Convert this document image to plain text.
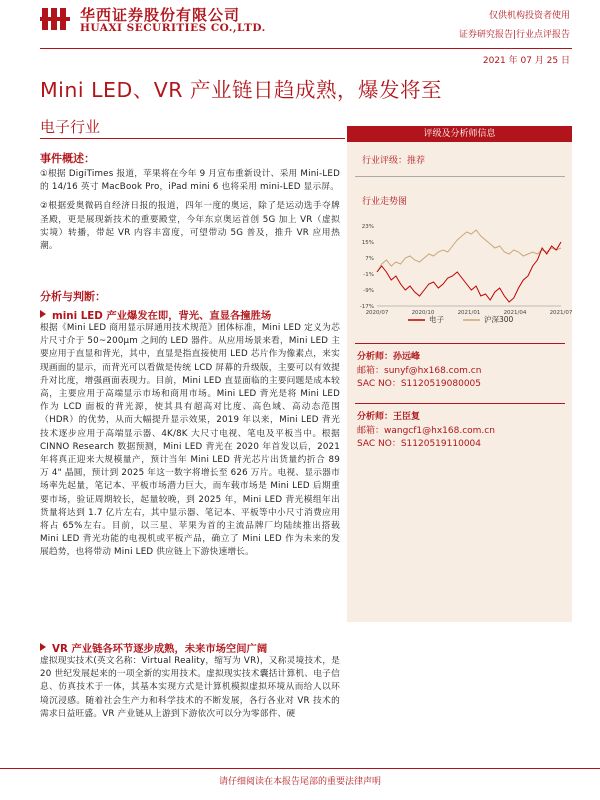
华西证券股份有限公司
HUAXI SECURITIES CO.,LTD.
仅供机构投资者使用
证券研究报告|行业点评报告
2021 年 07 月 25 日
Mini LED、VR 产业链日趋成熟，爆发将至
电子行业	评级及分析师信息
行业评级：推荐
行业走势图
23%
15%
7%
-1%
-9%
-17%
2020/07	2020/10	2021/01	2021/04	2021/07
电子	沪深300
分析师：孙远峰
邮箱：sunyf@hx168.com.cn
SAC NO：S1120519080005
分析师：王臣复
邮箱：wangcf1@hx168.com.cn
SAC NO：S1120519110004
事件概述：

①根据 DigiTimes 报道，苹果将在今年 9 月宣布重新设计、采用 Mini-LED的 14/16 英寸 MacBook Pro，iPad mini 6 也将采用 mini-LED 显示屏。

②根据爱奥微码自经济日报的报道，四年一度的奥运，除了是运动选手夺牌圣殿，更是展现新技术的重要殿堂，今年东京奥运首创 5G 加上 VR（虚拟实境）转播，带起 VR 内容丰富度，可望带动 5G 普及，推升 VR 应用热潮。

分析与判断：
mini LED 产业爆发在即，背光、直显各撞胜场

根据《Mini LED 商用显示屏通用技术规范》团体标准，Mini LED 定义为芯片尺寸介于 50~200μm 之间的 LED 器件。从应用场景来看，Mini LED 主要应用于直显和背光，其中，直显是指直接使用 LED 芯片作为像素点，来实现画面的显示，而背光可以看做是传统 LCD 屏幕的升级版，主要可以有效提升对比度，增强画面表现力。目前，Mini LED 直显面临的主要问题是成本较高，主要应用于高端显示市场和商用市场。Mini LED 背光是将 Mini LED 作为 LCD 面板的背光源，使其具有超高对比度、高色域、高动态范围（HDR）的优势，从而大幅提升显示效果，2019 年以来，Mini LED 背光技术逐步应用于高端显示器、4K/8K 大尺寸电视、笔电及平板当中。根据 CINNO Research 数据预测，Mini LED 背光在 2020 年首发以后，2021 年将真正迎来大规模量产，预计当年 Mini LED 背光芯片出货量约折合 89 万 4" 晶圆，预计到 2025 年这一数字将增长至 626 万片。电视、显示器市场率先起量，笔记本、平板市场潜力巨大，而车载市场是 Mini LED 后期重要市场，验证周期较长，起量较晚，到 2025 年，Mini LED 背光模组年出货量将达到 1.7 亿片左右，其中显示器、笔记本、平板等中小尺寸消费应用将占 65%左右。目前，以三星、苹果为首的主流品牌厂均陆续推出搭载 Mini LED 背光功能的电视机或平板产品，确立了 Mini LED 作为未来的发展趋势，也将带动 Mini LED 供应链上下游快速增长。

VR 产业链各环节逐步成熟，未来市场空间广阔

虚拟现实技术(英文名称：Virtual Reality，缩写为 VR)，又称灵境技术，是 20 世纪发展起来的一项全新的实用技术。虚拟现实技术囊括计算机、电子信息、仿真技术于一体，其基本实现方式是计算机模拟虚拟环境从而给人以环境沉浸感。随着社会生产力和科学技术的不断发展，各行各业对 VR 技术的需求日益旺盛。VR 产业链从上游到下游依次可以分为零部件、硬

请仔细阅读在本报告尾部的重要法律声明
